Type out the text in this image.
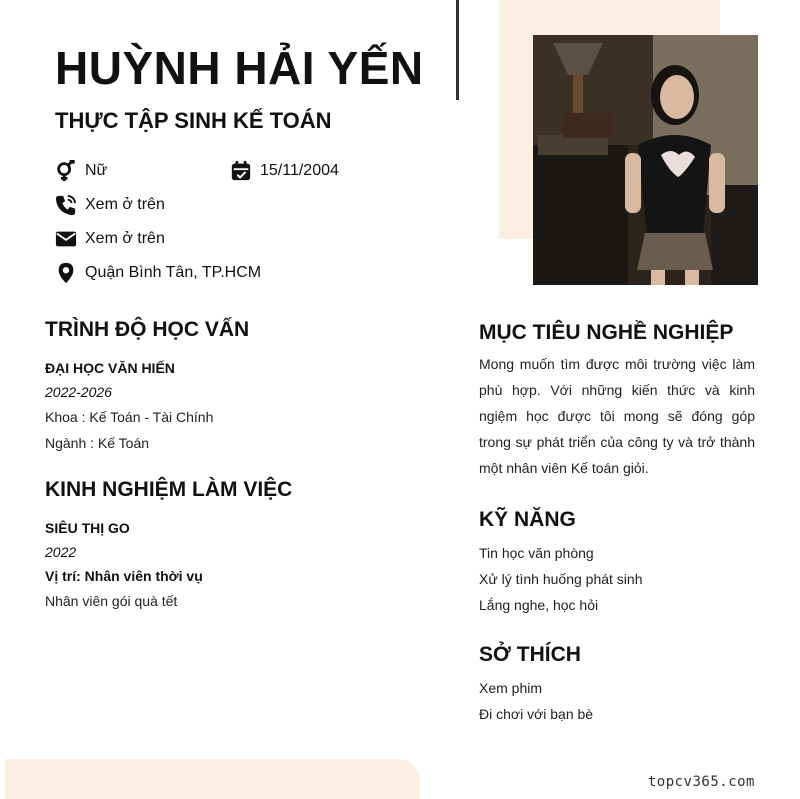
HUỲNH HẢI YẾN
THỰC TẬP SINH KẾ TOÁN
Nữ	15/11/2004
Xem ở trên
Xem ở trên
Quận Bình Tân, TP.HCM
TRÌNH ĐỘ HỌC VẤN
ĐẠI HỌC VĂN HIẾN
2022-2026
Khoa : Kế Toán - Tài Chính
Ngành : Kế Toán
KINH NGHIỆM LÀM VIỆC
SIÊU THỊ GO
2022
Vị trí: Nhân viên thời vụ
Nhân viên gói quà tết
MỤC TIÊU NGHỀ NGHIỆP

Mong muốn tìm được môi trường việc làm phù hợp. Với những kiến thức và kinh ngiệm học được tôi mong sẽ đóng góp trong sự phát triển của công ty và trở thành một nhân viên Kế toán giỏi.

KỸ NĂNG
Tin học văn phòng
Xử lý tình huống phát sinh
Lắng nghe, học hỏi
SỞ THÍCH
Xem phim
Đi chơi với bạn bè
topcv365.com
